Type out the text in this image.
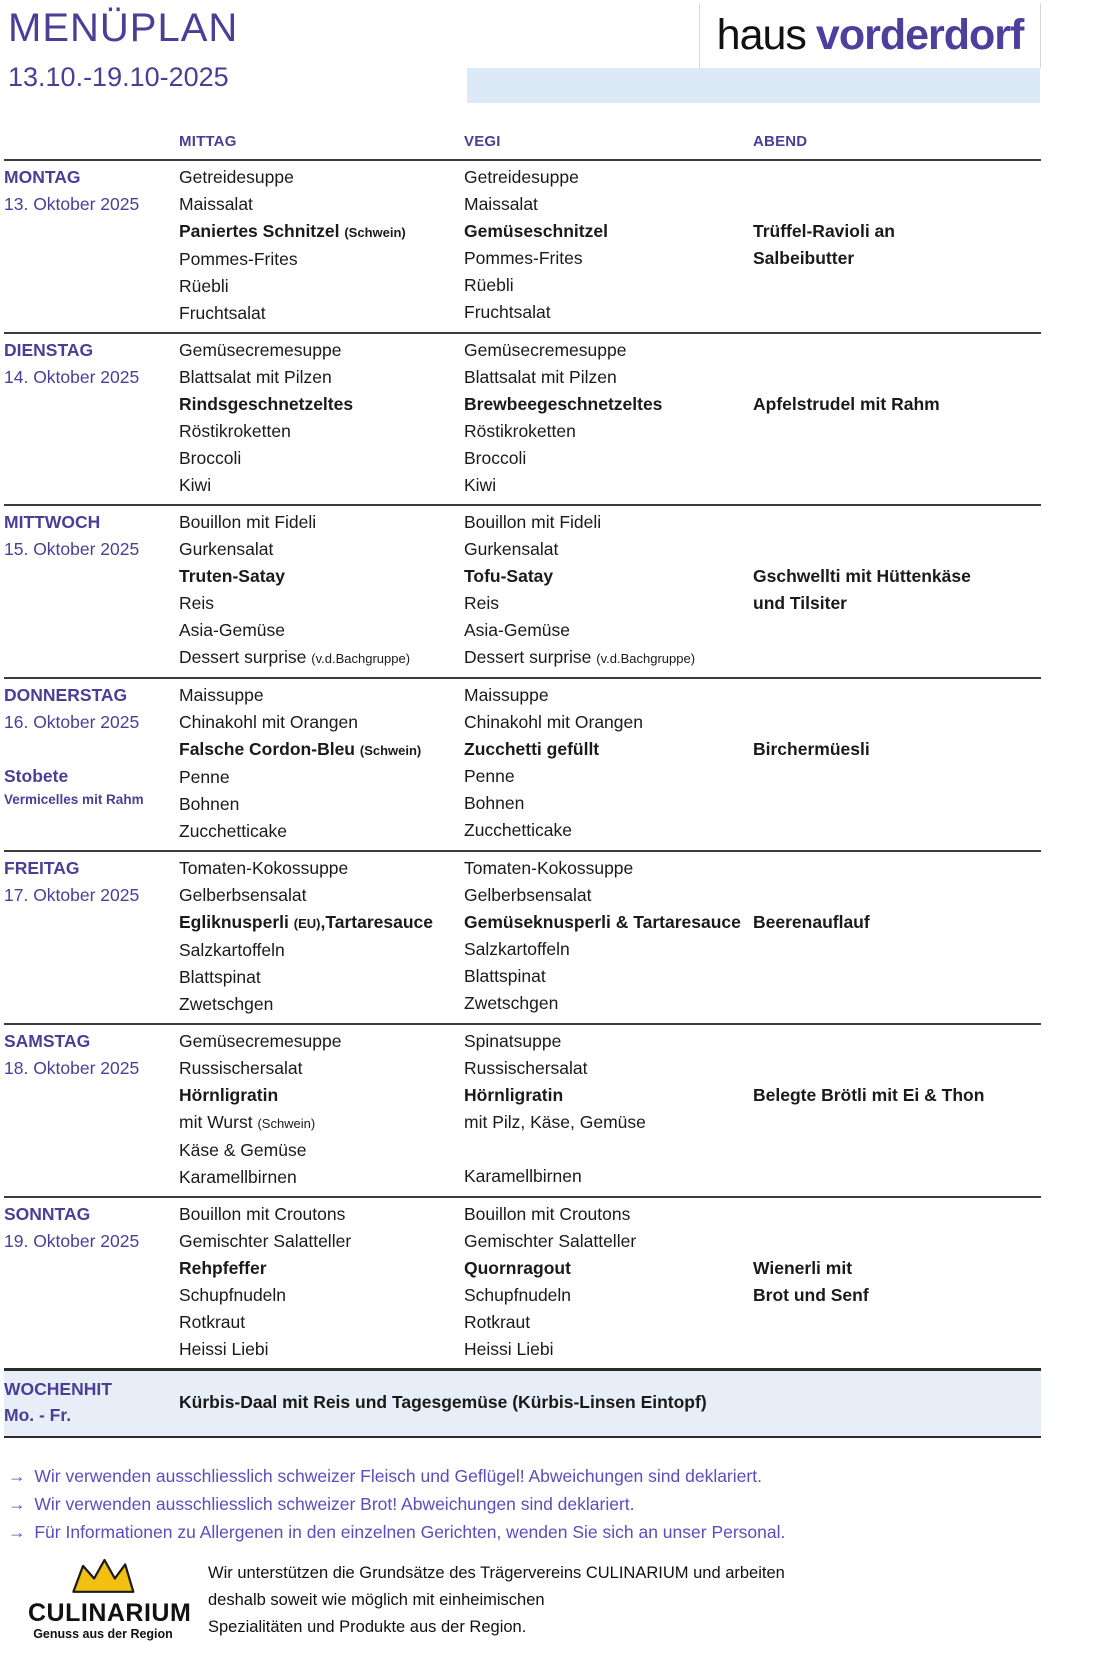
MENÜPLAN
13.10.-19.10-2025
haus vorderdorf
MITTAG	VEGI	ABEND
MONTAG
13. Oktober 2025
Getreidesuppe
Maissalat
Paniertes Schnitzel (Schwein)
Pommes-Frites
Rüebli
Fruchtsalat
Getreidesuppe
Maissalat
Gemüseschnitzel
Pommes-Frites
Rüebli
Fruchtsalat
Trüffel-Ravioli an
Salbeibutter
DIENSTAG
14. Oktober 2025
Gemüsecremesuppe
Blattsalat mit Pilzen
Rindsgeschnetzeltes
Röstikroketten
Broccoli
Kiwi
Gemüsecremesuppe
Blattsalat mit Pilzen
Brewbeegeschnetzeltes
Röstikroketten
Broccoli
Kiwi
Apfelstrudel mit Rahm
MITTWOCH
15. Oktober 2025
Bouillon mit Fideli
Gurkensalat
Truten-Satay
Reis
Asia-Gemüse
Dessert surprise (v.d.Bachgruppe)
Bouillon mit Fideli
Gurkensalat
Tofu-Satay
Reis
Asia-Gemüse
Dessert surprise (v.d.Bachgruppe)
Gschwellti mit Hüttenkäse
und Tilsiter
DONNERSTAG
16. Oktober 2025
Stobete
Vermicelles mit Rahm
Maissuppe
Chinakohl mit Orangen
Falsche Cordon-Bleu (Schwein)
Penne
Bohnen
Zucchetticake
Maissuppe
Chinakohl mit Orangen
Zucchetti gefüllt
Penne
Bohnen
Zucchetticake
Birchermüesli
FREITAG
17. Oktober 2025
Tomaten-Kokossuppe
Gelberbsensalat
Egliknusperli (EU),Tartaresauce
Salzkartoffeln
Blattspinat
Zwetschgen
Tomaten-Kokossuppe
Gelberbsensalat
Gemüseknusperli & Tartaresauce
Salzkartoffeln
Blattspinat
Zwetschgen
Beerenauflauf
SAMSTAG
18. Oktober 2025
Gemüsecremesuppe
Russischersalat
Hörnligratin
mit Wurst (Schwein)
Käse & Gemüse
Karamellbirnen
Spinatsuppe
Russischersalat
Hörnligratin
mit Pilz, Käse, Gemüse
Karamellbirnen
Belegte Brötli mit Ei & Thon
SONNTAG
19. Oktober 2025
Bouillon mit Croutons
Gemischter Salatteller
Rehpfeffer
Schupfnudeln
Rotkraut
Heissi Liebi
Bouillon mit Croutons
Gemischter Salatteller
Quornragout
Schupfnudeln
Rotkraut
Heissi Liebi
Wienerli mit
Brot und Senf
WOCHENHIT
Mo. - Fr.
Kürbis-Daal mit Reis und Tagesgemüse (Kürbis-Linsen Eintopf)
→ Wir verwenden ausschliesslich schweizer Fleisch und Geflügel! Abweichungen sind deklariert.
→ Wir verwenden ausschliesslich schweizer Brot! Abweichungen sind deklariert.
→ Für Informationen zu Allergenen in den einzelnen Gerichten, wenden Sie sich an unser Personal.
CULINARIUM
Genuss aus der Region
Wir unterstützen die Grundsätze des Trägervereins CULINARIUM und arbeiten
deshalb soweit wie möglich mit einheimischen
Spezialitäten und Produkte aus der Region.
